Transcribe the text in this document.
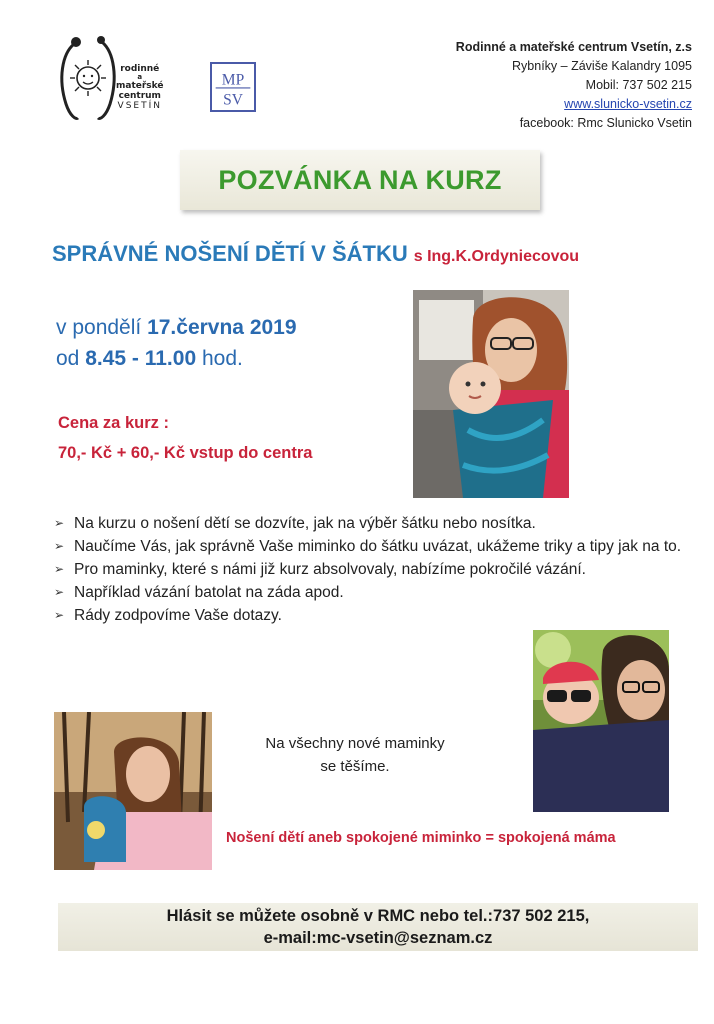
rodinné
a
mateřské
centrum
VSETÍN
MP
SV
Rodinné a mateřské centrum Vsetín, z.s
Rybníky – Záviše Kalandry 1095
Mobil: 737 502 215
www.slunicko-vsetin.cz
facebook: Rmc Slunicko Vsetin
POZVÁNKA NA KURZ
SPRÁVNÉ NOŠENÍ DĚTÍ V ŠÁTKU s Ing.K.Ordyniecovou
v pondělí 17.června 2019
od 8.45 - 11.00 hod.
Cena za kurz :
70,- Kč + 60,- Kč vstup do centra
➢ Na kurzu o nošení dětí se dozvíte, jak na výběr šátku nebo nosítka.
➢ Naučíme Vás, jak správně Vaše miminko do šátku uvázat, ukážeme triky a tipy jak na to.
➢ Pro maminky, které s námi již kurz absolvovaly, nabízíme pokročilé vázání.
➢ Například vázání batolat na záda apod.
➢ Rády zodpovíme Vaše dotazy.
Na všechny nové maminky
se těšíme.
Nošení dětí aneb spokojené miminko = spokojená máma
Hlásit se můžete osobně v RMC nebo tel.:737 502 215,
e-mail:mc-vsetin@seznam.cz
